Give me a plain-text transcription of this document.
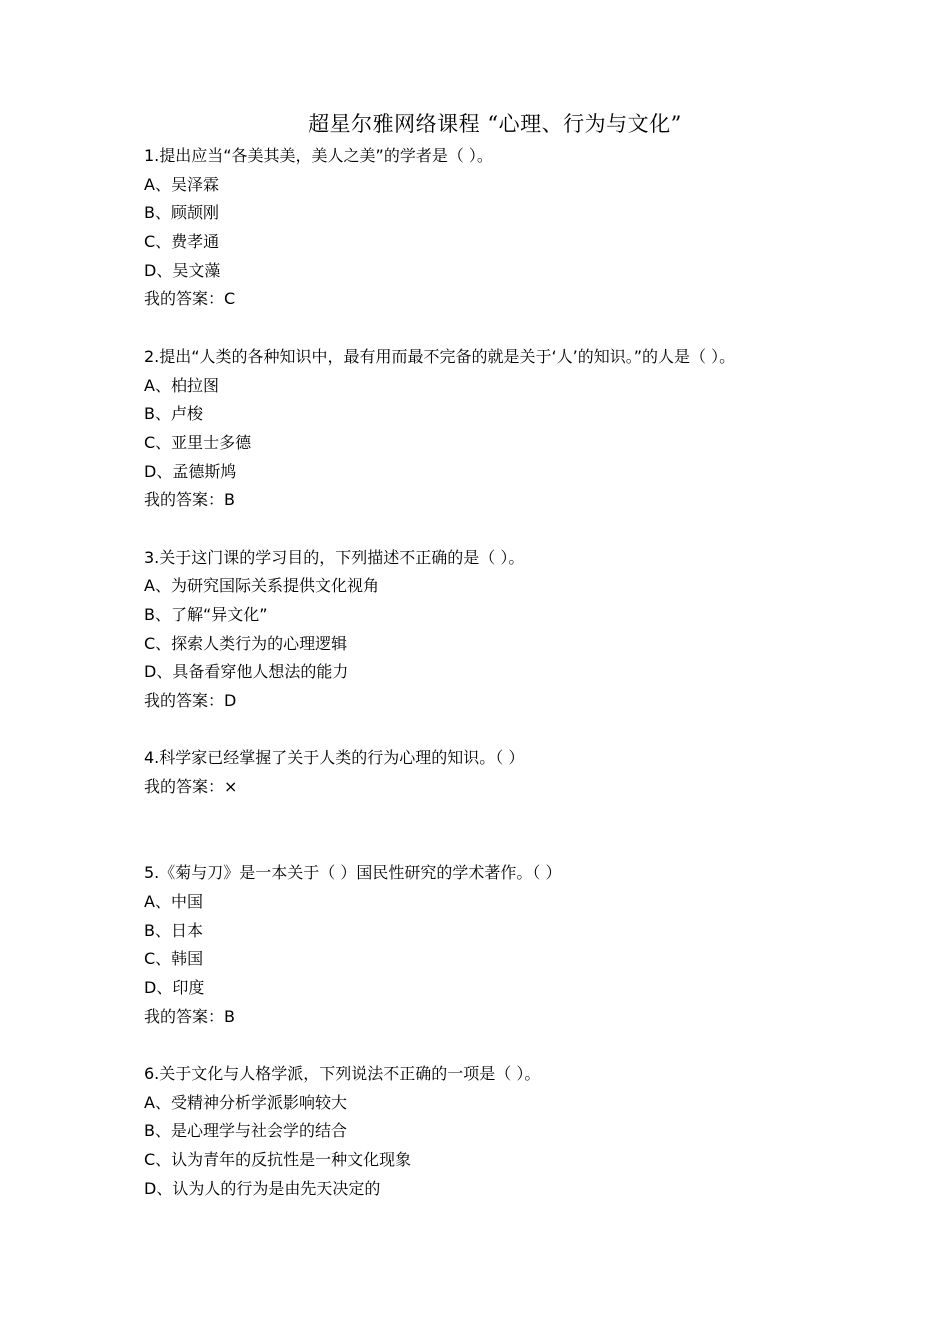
超星尔雅网络课程 “心理、行为与文化”
1.提出应当“各美其美，美人之美”的学者是（ ）。
A、吴泽霖
B、顾颉刚
C、费孝通
D、吴文藻
我的答案：C
2.提出“人类的各种知识中，最有用而最不完备的就是关于‘人’的知识。”的人是（ ）。
A、柏拉图
B、卢梭
C、亚里士多德
D、孟德斯鸠
我的答案：B
3.关于这门课的学习目的，下列描述不正确的是（ ）。
A、为研究国际关系提供文化视角
B、了解“异文化”
C、探索人类行为的心理逻辑
D、具备看穿他人想法的能力
我的答案：D
4.科学家已经掌握了关于人类的行为心理的知识。（ ）
我的答案：×
5.《菊与刀》是一本关于（ ）国民性研究的学术著作。（ ）
A、中国
B、日本
C、韩国
D、印度
我的答案：B
6.关于文化与人格学派，下列说法不正确的一项是（ ）。
A、受精神分析学派影响较大
B、是心理学与社会学的结合
C、认为青年的反抗性是一种文化现象
D、认为人的行为是由先天决定的
